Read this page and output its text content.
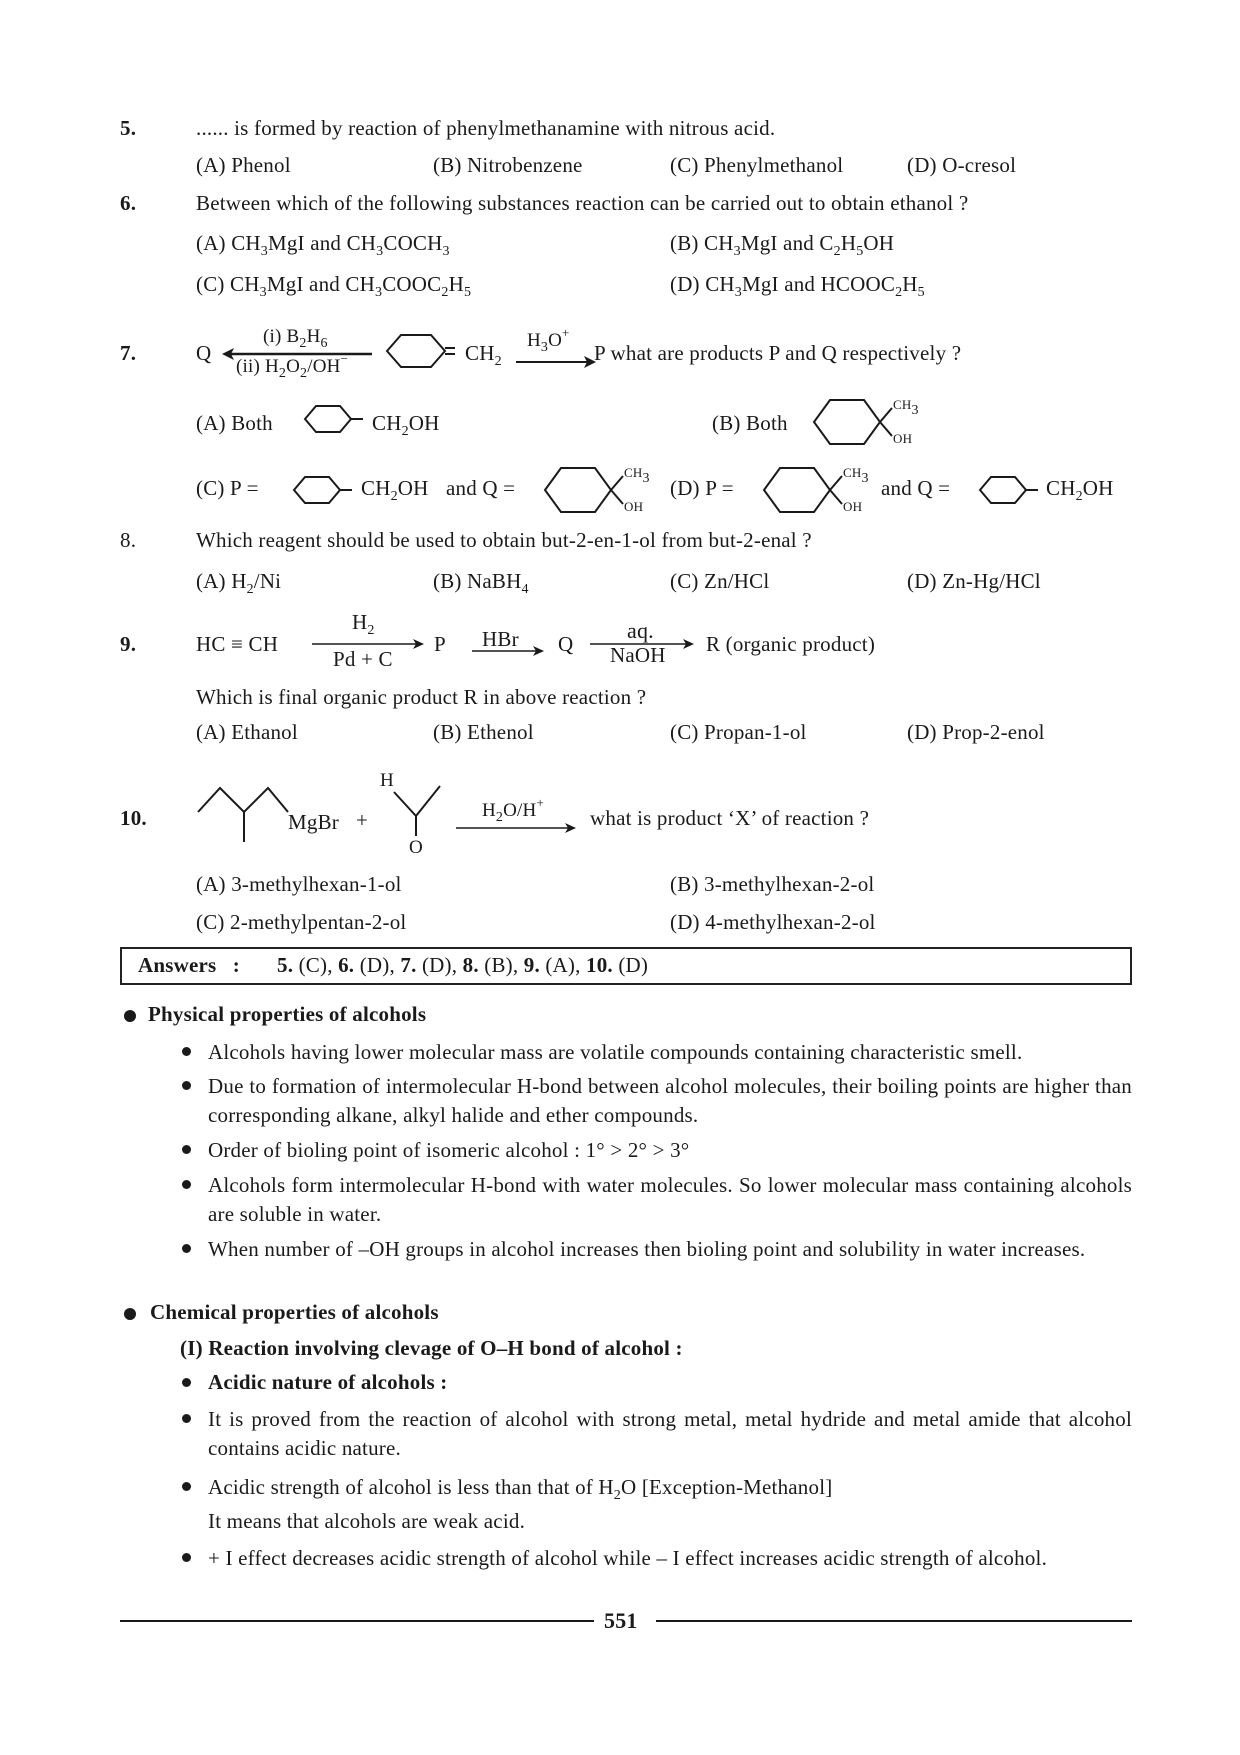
5.	...... is formed by reaction of phenylmethanamine with nitrous acid.
(A) Phenol	(B) Nitrobenzene	(C) Phenylmethanol	(D) O-cresol
6.	Between which of the following substances reaction can be carried out to obtain ethanol ?
(A) $CH_3MgI$ and $CH_3COCH_3$	(B) $CH_3MgI$ and $C_2H_5OH$
(C) $CH_3MgI$ and $CH_3COOC_2H_5$	(D) $CH_3MgI$ and $HCOOC_2H_5$
7.	Q
(i) $B_2H_6$
(ii) $H_2O_2/OH^-$	$CH_2$
$H_3O^+$
P what are products P and Q respectively ?
(A) Both	$CH_2OH$	(B) Both
$CH_3$
OH
(C) P =	$CH_2OH$ and Q =
$CH_3$
OH
(D) P =
$CH_3$
OH
and Q =	$CH_2OH$
8.	Which reagent should be used to obtain but-2-en-1-ol from but-2-enal ?
(A) $H_2/Ni$	(B) NaBH$_4$	(C) Zn/HCl	(D) Zn-Hg/HCl
9.	HC ≡ CH
$H_2$
Pd + C
P HBr Q
aq.
NaOH R (organic product)
Which is final organic product R in above reaction ?
(A) Ethanol	(B) Ethenol	(C) Propan-1-ol	(D) Prop-2-enol
10.	MgBr +
H
O
$H_2O/H^+$
what is product ‘X’ of reaction ?
(A) 3-methylhexan-1-ol	(B) 3-methylhexan-2-ol
(C) 2-methylpentan-2-ol	(D) 4-methylhexan-2-ol
Answers   : 5. (C), 6. (D), 7. (D), 8. (B), 9. (A), 10. (D)
Physical properties of alcohols
Alcohols having lower molecular mass are volatile compounds containing characteristic smell.
Due to formation of intermolecular H-bond between alcohol molecules, their boiling points are higher than corresponding alkane, alkyl halide and ether compounds.
Order of bioling point of isomeric alcohol : 1° > 2° > 3°
Alcohols form intermolecular H-bond with water molecules. So lower molecular mass containing alcohols are soluble in water.
When number of –OH groups in alcohol increases then bioling point and solubility in water increases.
Chemical properties of alcohols
(I) Reaction involving clevage of O–H bond of alcohol :
Acidic nature of alcohols :
It is proved from the reaction of alcohol with strong metal, metal hydride and metal amide that alcohol contains acidic nature.
Acidic strength of alcohol is less than that of $H_2O$ [Exception-Methanol]
It means that alcohols are weak acid.
+ I effect decreases acidic strength of alcohol while – I effect increases acidic strength of alcohol.
551
